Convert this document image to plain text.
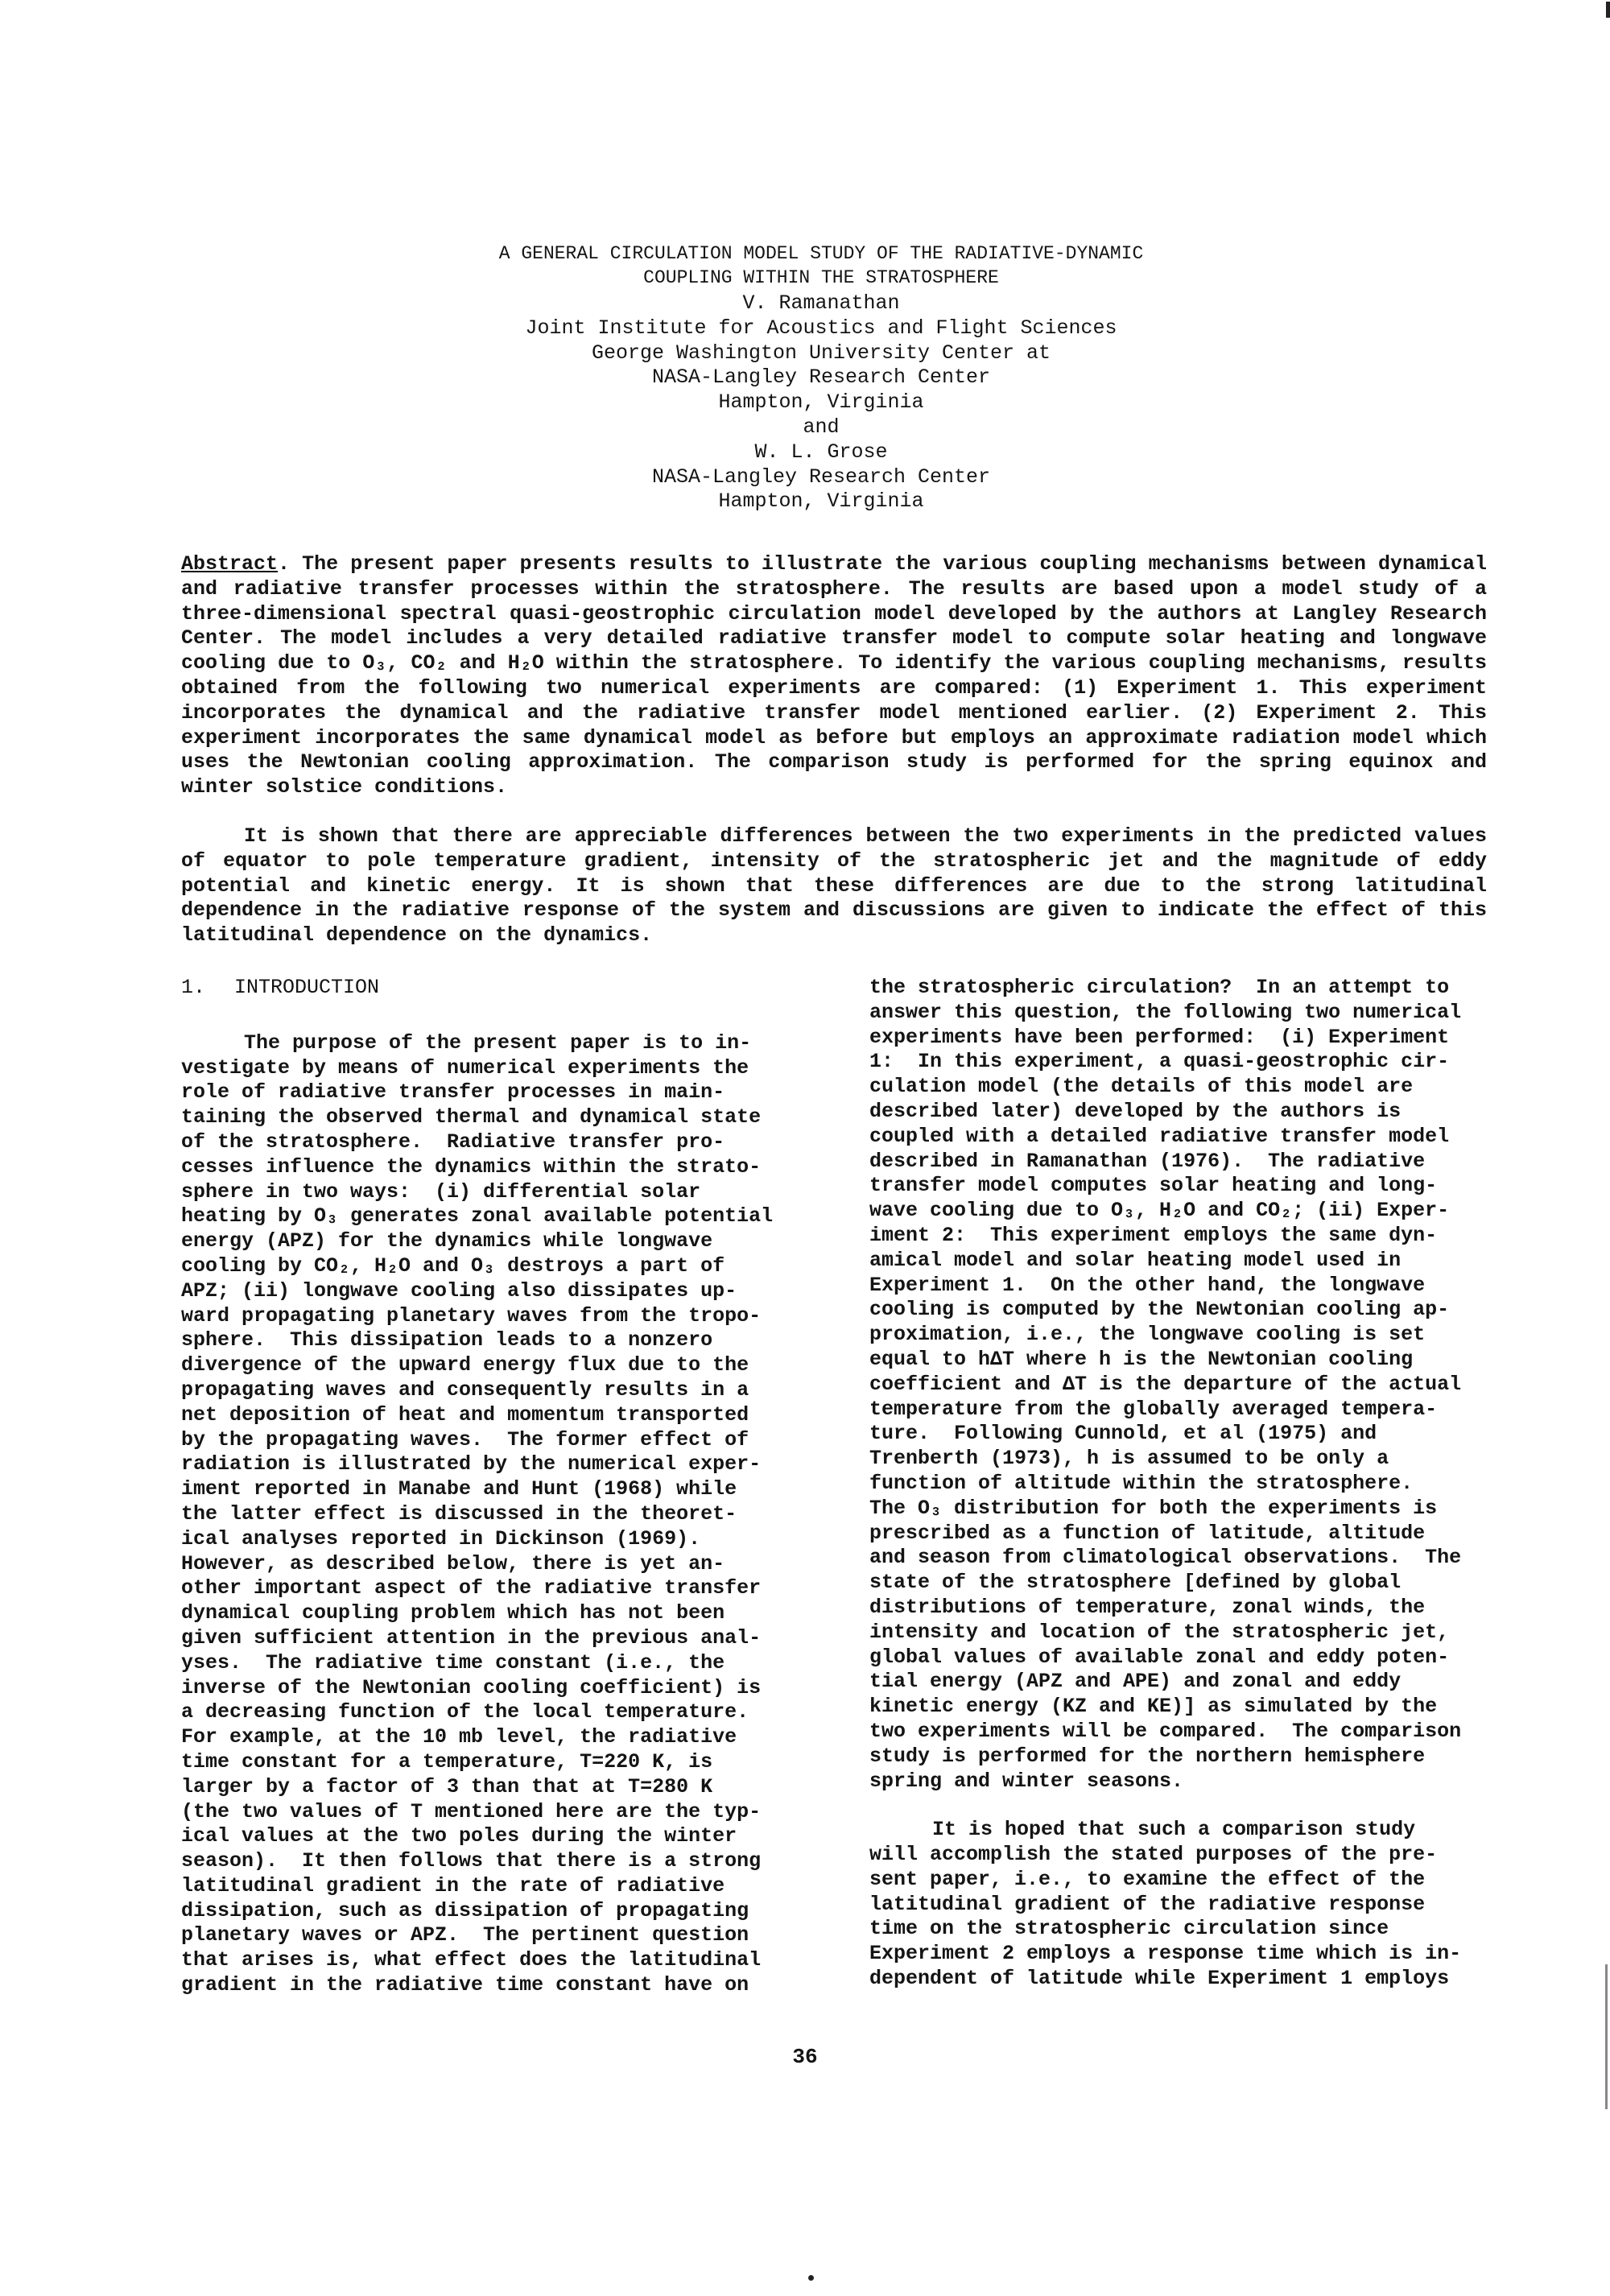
A GENERAL CIRCULATION MODEL STUDY OF THE RADIATIVE-DYNAMIC
COUPLING WITHIN THE STRATOSPHERE
V. Ramanathan
Joint Institute for Acoustics and Flight Sciences
George Washington University Center at
NASA-Langley Research Center
Hampton, Virginia
and
W. L. Grose
NASA-Langley Research Center
Hampton, Virginia

Abstract. The present paper presents results to illustrate the various coupling mechanisms between dynamical and radiative transfer processes within the stratosphere. The results are based upon a model study of a three-dimensional spectral quasi-geostrophic circulation model developed by the authors at Langley Research Center. The model includes a very detailed radiative transfer model to compute solar heating and longwave cooling due to O₃, CO₂ and H₂O within the stratosphere. To identify the various coupling mechanisms, results obtained from the following two numerical experiments are compared: (1) Experiment 1. This experiment incorporates the dynamical and the radiative transfer model mentioned earlier. (2) Experiment 2. This experiment incorporates the same dynamical model as before but employs an approximate radiation model which uses the Newtonian cooling approximation. The comparison study is performed for the spring equinox and winter solstice conditions.

It is shown that there are appreciable differences between the two experiments in the predicted values of equator to pole temperature gradient, intensity of the stratospheric jet and the magnitude of eddy potential and kinetic energy. It is shown that these differences are due to the strong latitudinal dependence in the radiative response of the system and discussions are given to indicate the effect of this latitudinal dependence on the dynamics.

1. INTRODUCTION

The purpose of the present paper is to in-

vestigate by means of numerical experiments the

role of radiative transfer processes in main-

taining the observed thermal and dynamical state

of the stratosphere.  Radiative transfer pro-

cesses influence the dynamics within the strato-

sphere in two ways:  (i) differential solar

heating by O₃ generates zonal available potential

energy (APZ) for the dynamics while longwave

cooling by CO₂, H₂O and O₃ destroys a part of

APZ; (ii) longwave cooling also dissipates up-

ward propagating planetary waves from the tropo-

sphere.  This dissipation leads to a nonzero

divergence of the upward energy flux due to the

propagating waves and consequently results in a

net deposition of heat and momentum transported

by the propagating waves.  The former effect of

radiation is illustrated by the numerical exper-

iment reported in Manabe and Hunt (1968) while

the latter effect is discussed in the theoret-

ical analyses reported in Dickinson (1969).

However, as described below, there is yet an-

other important aspect of the radiative transfer

dynamical coupling problem which has not been

given sufficient attention in the previous anal-

yses.  The radiative time constant (i.e., the

inverse of the Newtonian cooling coefficient) is

a decreasing function of the local temperature.

For example, at the 10 mb level, the radiative

time constant for a temperature, T=220 K, is

larger by a factor of 3 than that at T=280 K

(the two values of T mentioned here are the typ-

ical values at the two poles during the winter

season).  It then follows that there is a strong

latitudinal gradient in the rate of radiative

dissipation, such as dissipation of propagating

planetary waves or APZ.  The pertinent question

that arises is, what effect does the latitudinal

gradient in the radiative time constant have on

the stratospheric circulation?  In an attempt to

answer this question, the following two numerical

experiments have been performed:  (i) Experiment

1:  In this experiment, a quasi-geostrophic cir-

culation model (the details of this model are

described later) developed by the authors is

coupled with a detailed radiative transfer model

described in Ramanathan (1976).  The radiative

transfer model computes solar heating and long-

wave cooling due to O₃, H₂O and CO₂; (ii) Exper-

iment 2:  This experiment employs the same dyn-

amical model and solar heating model used in

Experiment 1.  On the other hand, the longwave

cooling is computed by the Newtonian cooling ap-

proximation, i.e., the longwave cooling is set

equal to hΔT where h is the Newtonian cooling

coefficient and ΔT is the departure of the actual

temperature from the globally averaged tempera-

ture.  Following Cunnold, et al (1975) and

Trenberth (1973), h is assumed to be only a

function of altitude within the stratosphere.

The O₃ distribution for both the experiments is

prescribed as a function of latitude, altitude

and season from climatological observations.  The

state of the stratosphere [defined by global

distributions of temperature, zonal winds, the

intensity and location of the stratospheric jet,

global values of available zonal and eddy poten-

tial energy (APZ and APE) and zonal and eddy

kinetic energy (KZ and KE)] as simulated by the

two experiments will be compared.  The comparison

study is performed for the northern hemisphere

spring and winter seasons.

It is hoped that such a comparison study

will accomplish the stated purposes of the pre-

sent paper, i.e., to examine the effect of the

latitudinal gradient of the radiative response

time on the stratospheric circulation since

Experiment 2 employs a response time which is in-

dependent of latitude while Experiment 1 employs

36
